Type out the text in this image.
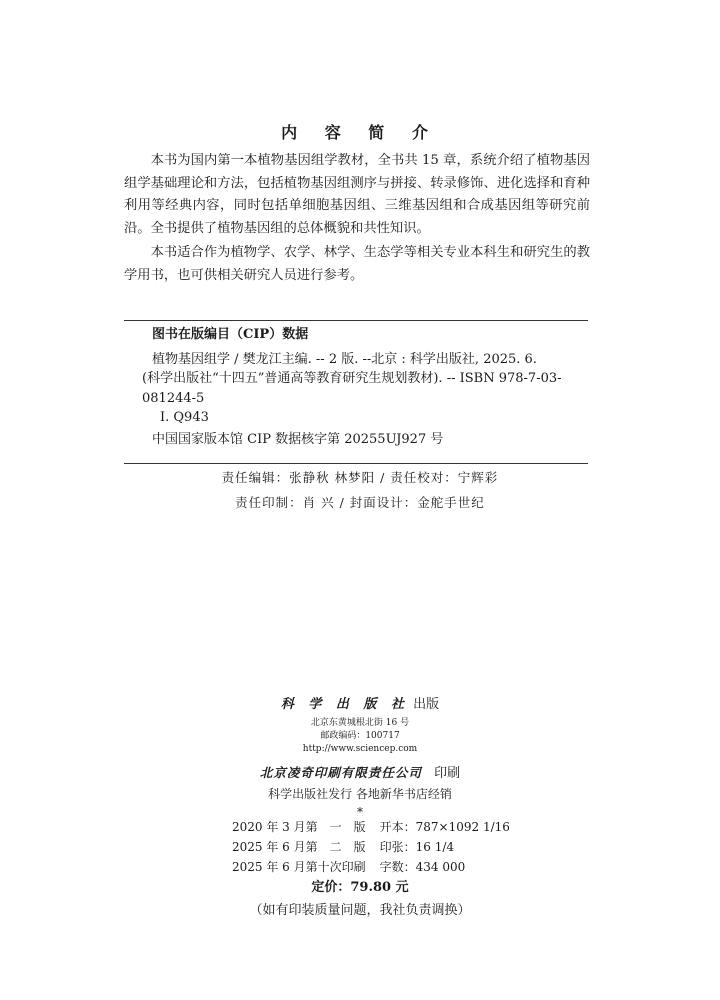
内 容 简 介

本书为国内第一本植物基因组学教材，全书共 15 章，系统介绍了植物基因组学基础理论和方法，包括植物基因组测序与拼接、转录修饰、进化选择和育种利用等经典内容，同时包括单细胞基因组、三维基因组和合成基因组等研究前沿。全书提供了植物基因组的总体概貌和共性知识。

本书适合作为植物学、农学、林学、生态学等相关专业本科生和研究生的教学用书，也可供相关研究人员进行参考。

图书在版编目（CIP）数据
植物基因组学 / 樊龙江主编. -- 2 版. --北京 : 科学出版社, 2025. 6.
(科学出版社“十四五”普通高等教育研究生规划教材). -- ISBN 978-7-03-
081244-5
I. Q943
中国国家版本馆 CIP 数据核字第 20255UJ927 号
责任编辑：张静秋 林梦阳 / 责任校对：宁辉彩
责任印制：肖 兴 / 封面设计：金舵手世纪
科 学 出 版 社 出版
北京东黄城根北街 16 号
邮政编码：100717
http://www.sciencep.com
北京凌奇印刷有限责任公司 印刷
科学出版社发行 各地新华书店经销
*
2020 年 3 月第　一　版	开本：787×1092 1/16
2025 年 6 月第　二　版	印张：16 1/4
2025 年 6 月第十次印刷	字数：434 000
定价：79.80 元
（如有印装质量问题，我社负责调换）
